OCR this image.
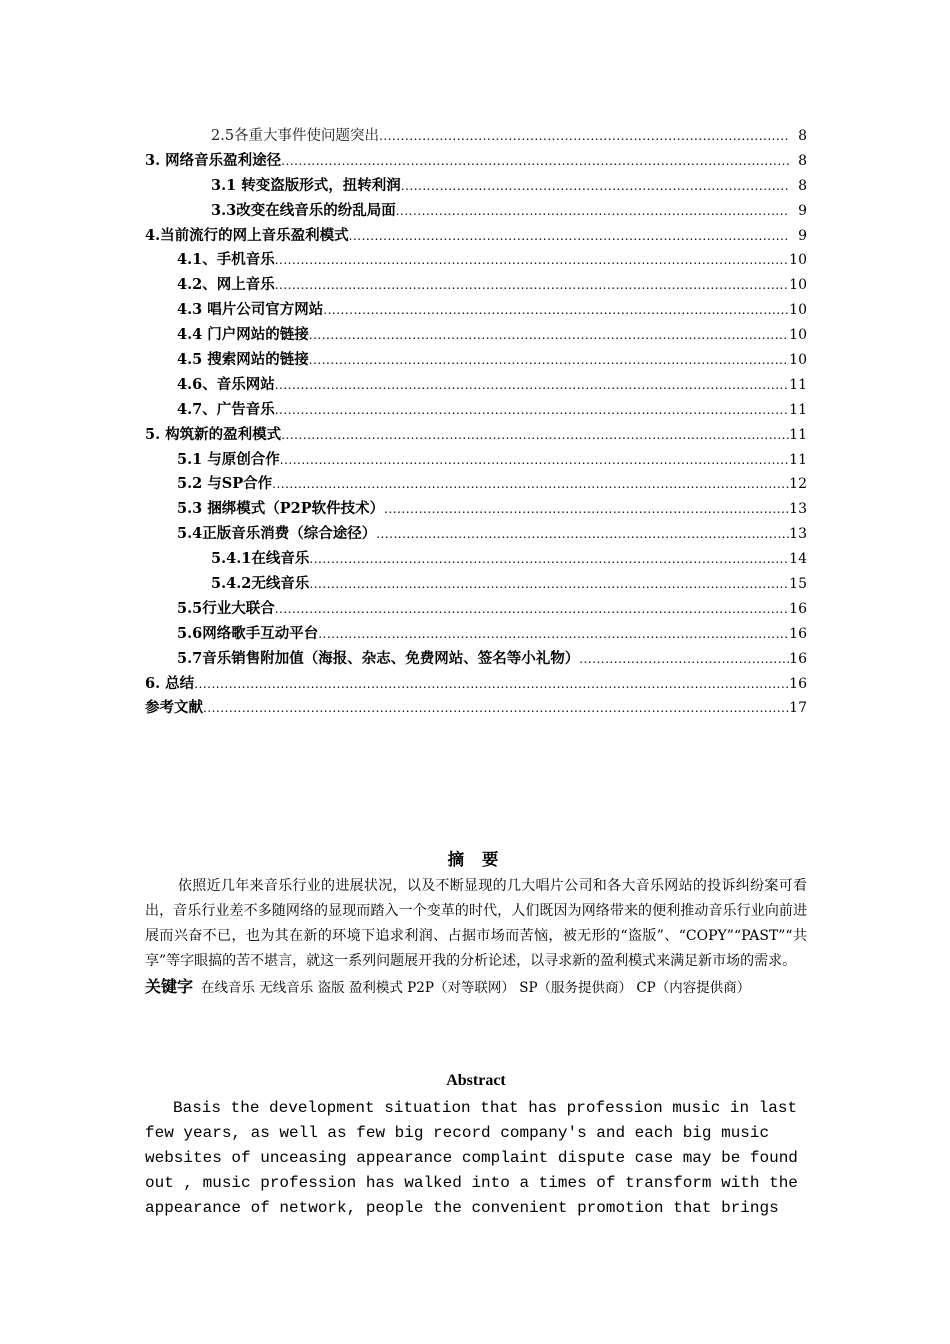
2.5各重大事件使问题突出 .....	8
3. 网络音乐盈利途径 .....	8
3.1 转变盗版形式，扭转利润 .....	8
3.3改变在线音乐的纷乱局面 .....	9
4.当前流行的网上音乐盈利模式 .....	9
4.1、手机音乐 .....	10
4.2、网上音乐 .....	10
4.3 唱片公司官方网站 .....	10
4.4 门户网站的链接 .....	10
4.5 搜索网站的链接 .....	10
4.6、音乐网站 .....	11
4.7、广告音乐 .....	11
5. 构筑新的盈利模式 .....	11
5.1 与原创合作 .....	11
5.2 与SP合作 .....	12
5.3 捆绑模式（P2P软件技术） .....	13
5.4正版音乐消费（综合途径） .....	13
5.4.1在线音乐 .....	14
5.4.2无线音乐 .....	15
5.5行业大联合 .....	16
5.6网络歌手互动平台 .....	16
5.7音乐销售附加值（海报、杂志、免费网站、签名等小礼物） .....	16
6. 总结 .....	16
参考文献 .....	17
摘 要
依照近几年来音乐行业的进展状况，以及不断显现的几大唱片公司和各大音乐网站的投诉纠纷案可看出，音乐行业差不多随网络的显现而踏入一个变革的时代，人们既因为网络带来的便利推动音乐行业向前进展而兴奋不已，也为其在新的环境下追求利润、占据市场而苦恼，被无形的“盗版”、“COPY”“PAST”“共享”等字眼搞的苦不堪言，就这一系列问题展开我的分析论述，以寻求新的盈利模式来满足新市场的需求。
关键字 在线音乐 无线音乐 盗版 盈利模式 P2P（对等联网） SP（服务提供商） CP（内容提供商）
Abstract
Basis the development situation that has profession music in last few years, as well as few big record company's and each big music websites of unceasing appearance complaint dispute case may be found out , music profession has walked into a times of transform with the appearance of network, people the convenient promotion that brings
